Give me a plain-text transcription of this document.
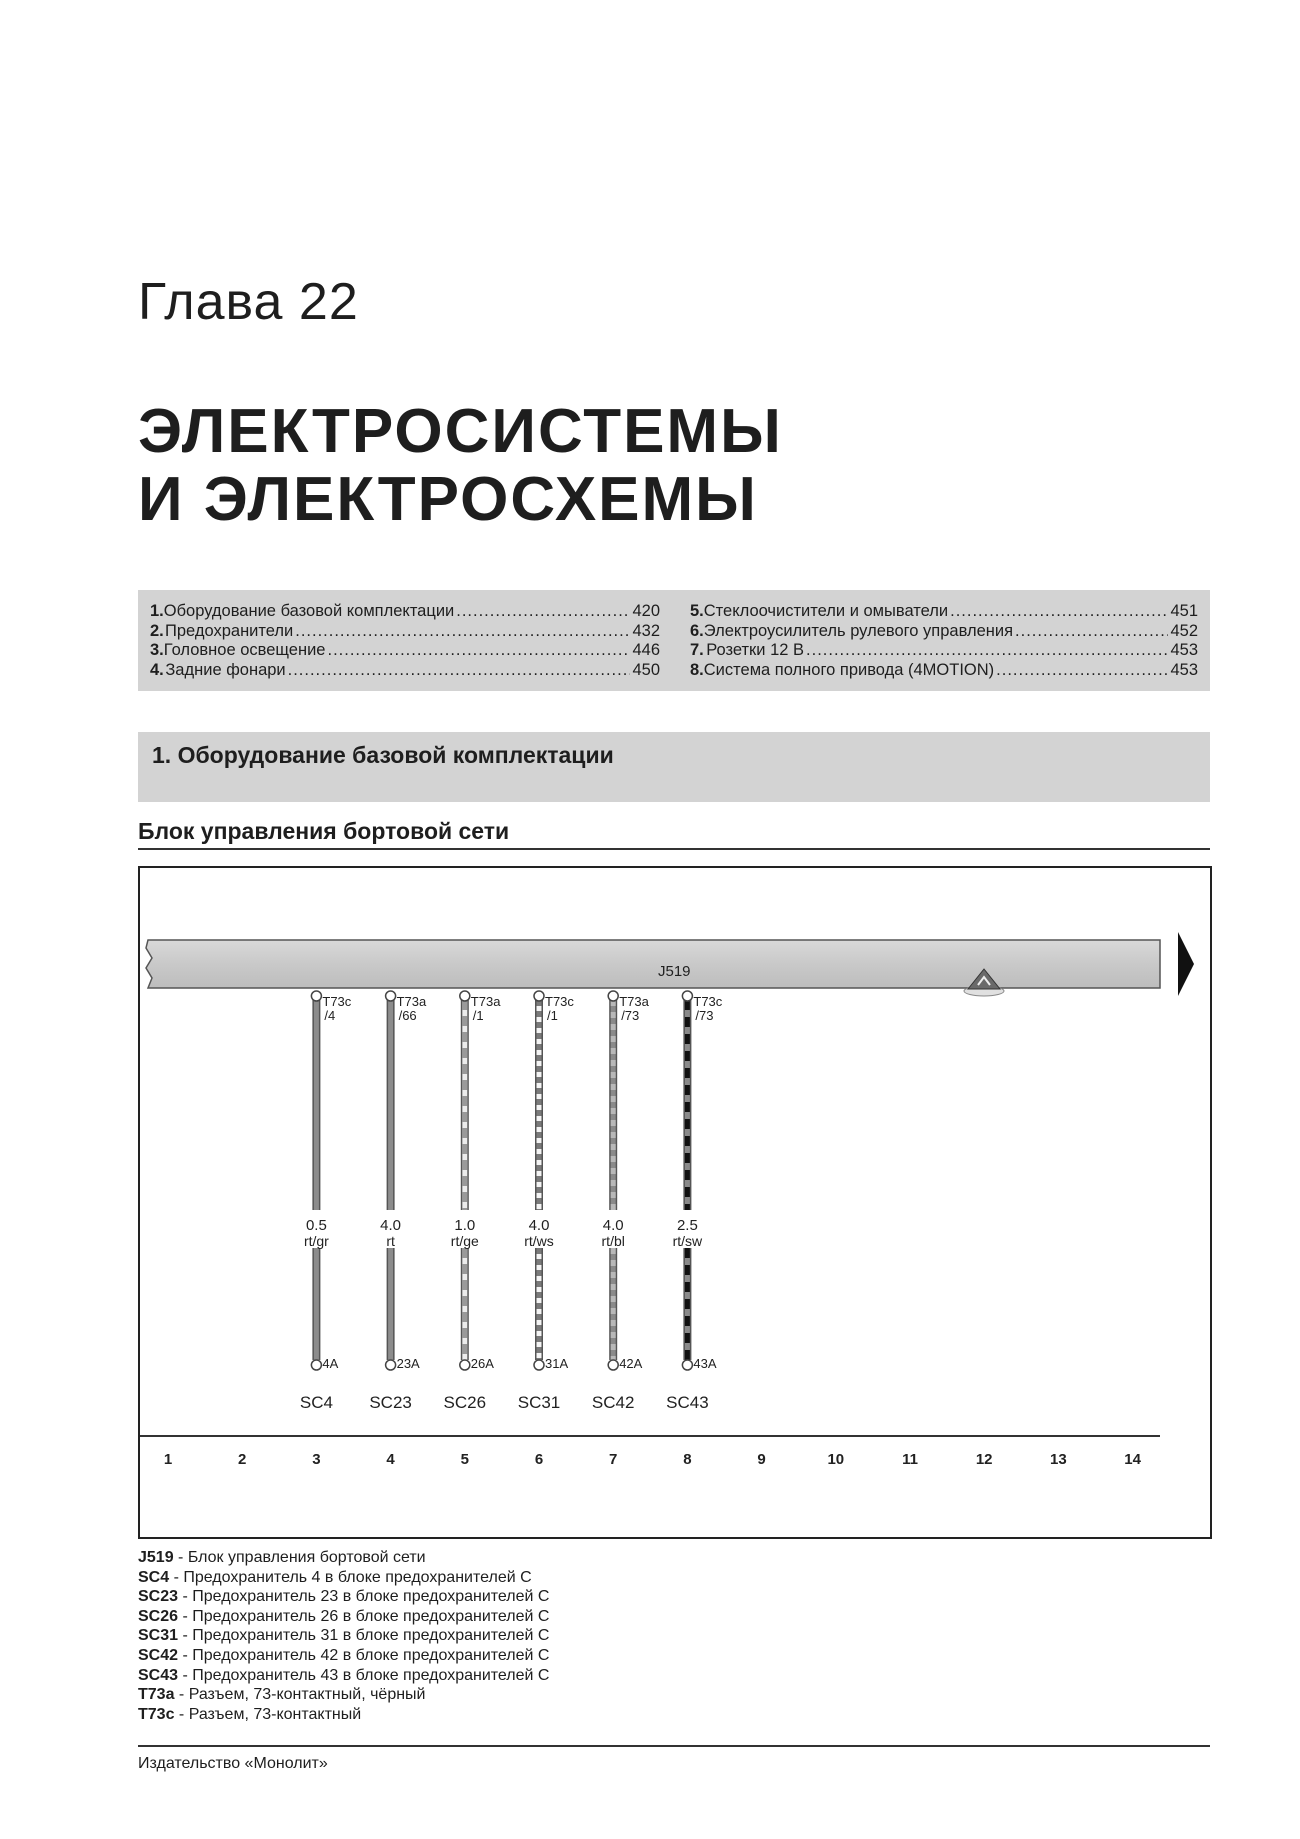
Глава 22
ЭЛЕКТРОСИСТЕМЫ
И ЭЛЕКТРОСХЕМЫ
1. Оборудование базовой комплектации .....	420
2. Предохранители .....	432
3. Головное освещение .....	446
4. Задние фонари .....	450
5. Стеклоочистители и омыватели .....	451
6. Электроусилитель рулевого управления .....	452
7. Розетки 12 В .....	453
8. Система полного привода (4MOTION) .....	453
1. Оборудование базовой комплектации
Блок управления бортовой сети
J519
T73c
/4
0.5
rt/gr
4A
SC4
T73a
/66
4.0
rt
23A
SC23
T73a
/1
1.0
rt/ge
26A
SC26
T73c
/1
4.0
rt/ws
31A
SC31
T73a
/73
4.0
rt/bl
42A
SC42
T73c
/73
2.5
rt/sw
43A
SC43
1	2	3	4	5	6	7	8	9	10	11	12	13	14
J519 - Блок управления бортовой сети
SC4 - Предохранитель 4 в блоке предохранителей C
SC23 - Предохранитель 23 в блоке предохранителей C
SC26 - Предохранитель 26 в блоке предохранителей C
SC31 - Предохранитель 31 в блоке предохранителей C
SC42 - Предохранитель 42 в блоке предохранителей C
SC43 - Предохранитель 43 в блоке предохранителей C
T73a - Разъем, 73-контактный, чёрный
T73c - Разъем, 73-контактный
Издательство «Монолит»
